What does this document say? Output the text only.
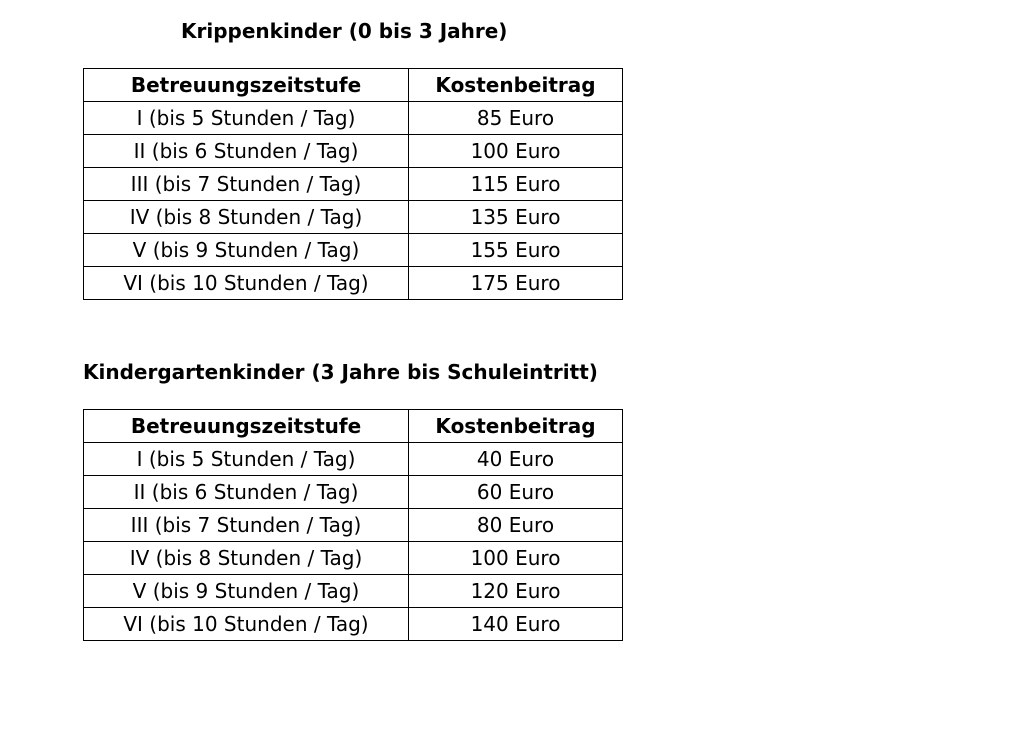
Krippenkinder (0 bis 3 Jahre)
Betreuungszeitstufe	Kostenbeitrag
I (bis 5 Stunden / Tag)	85 Euro
II (bis 6 Stunden / Tag)	100 Euro
III (bis 7 Stunden / Tag)	115 Euro
IV (bis 8 Stunden / Tag)	135 Euro
V (bis 9 Stunden / Tag)	155 Euro
VI (bis 10 Stunden / Tag)	175 Euro
Kindergartenkinder (3 Jahre bis Schuleintritt)
Betreuungszeitstufe	Kostenbeitrag
I (bis 5 Stunden / Tag)	40 Euro
II (bis 6 Stunden / Tag)	60 Euro
III (bis 7 Stunden / Tag)	80 Euro
IV (bis 8 Stunden / Tag)	100 Euro
V (bis 9 Stunden / Tag)	120 Euro
VI (bis 10 Stunden / Tag)	140 Euro
